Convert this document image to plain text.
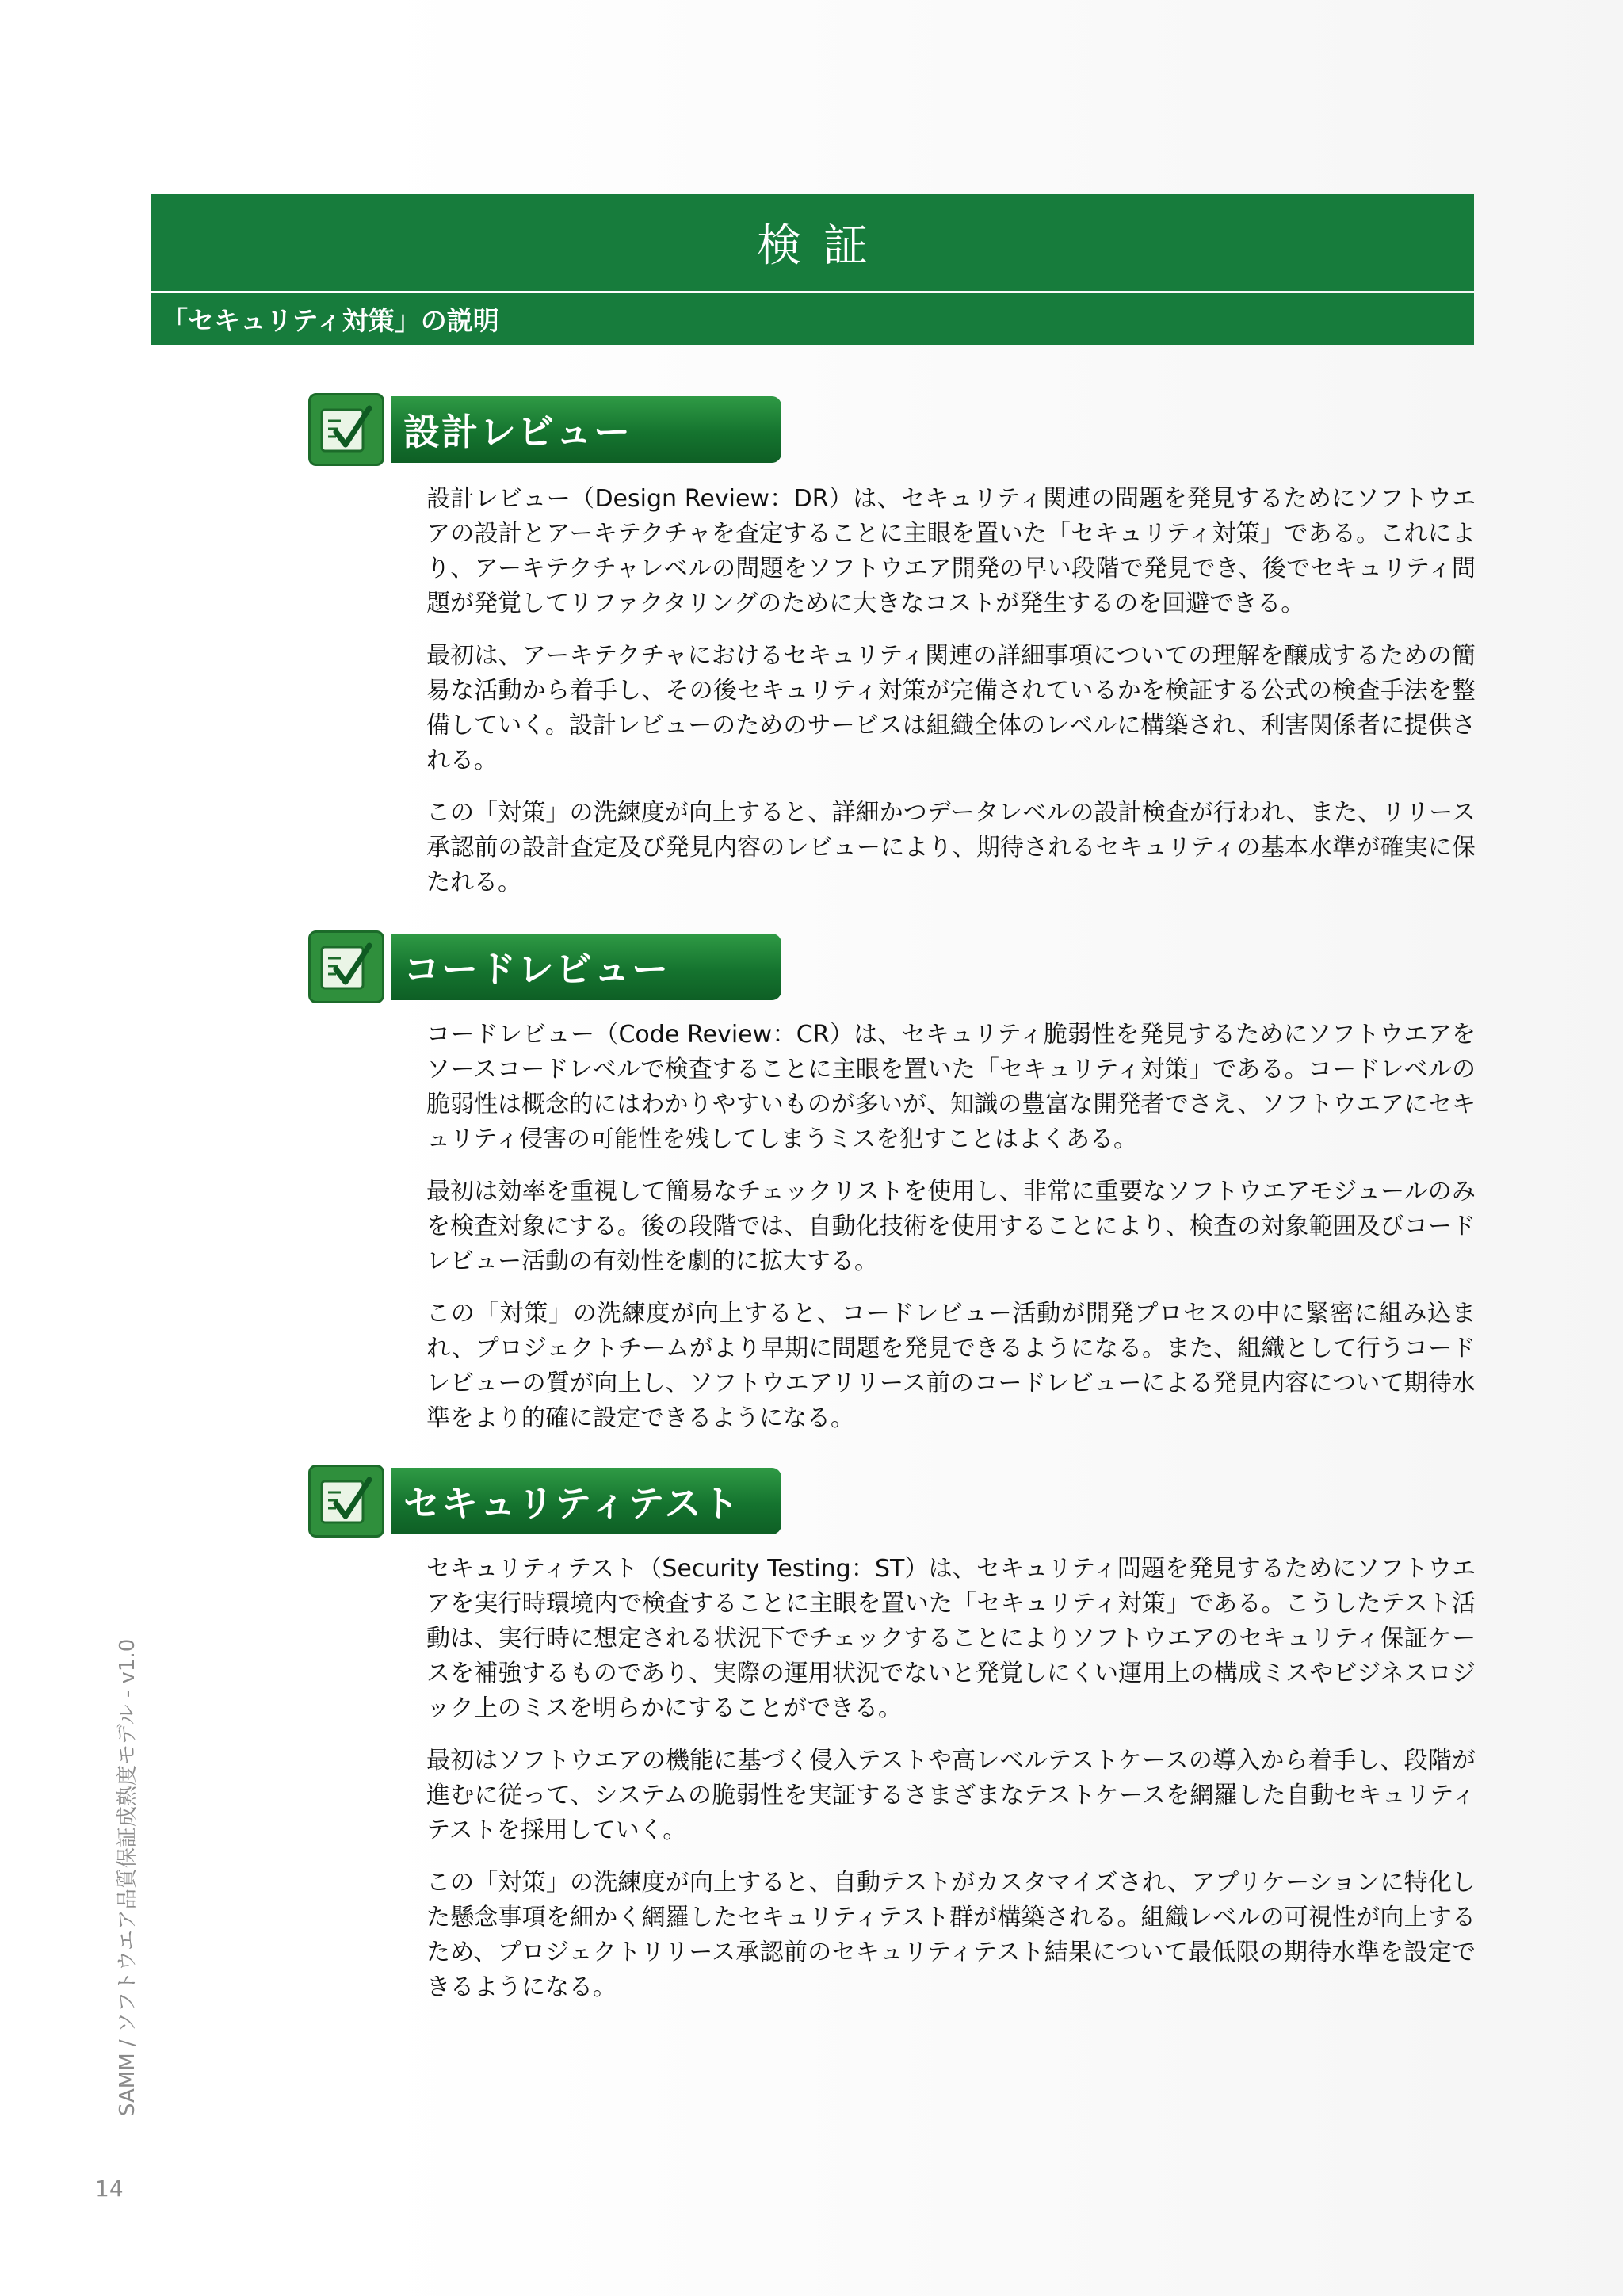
検証
「セキュリティ対策」の説明
設計レビュー

設計レビュー（Design Review：DR）は、セキュリティ関連の問題を発見するためにソフトウエアの設計とアーキテクチャを査定することに主眼を置いた「セキュリティ対策」である。これにより、アーキテクチャレベルの問題をソフトウエア開発の早い段階で発見でき、後でセキュリティ問題が発覚してリファクタリングのために大きなコストが発生するのを回避できる。

最初は、アーキテクチャにおけるセキュリティ関連の詳細事項についての理解を醸成するための簡易な活動から着手し、その後セキュリティ対策が完備されているかを検証する公式の検査手法を整備していく。設計レビューのためのサービスは組織全体のレベルに構築され、利害関係者に提供される。

この「対策」の洗練度が向上すると、詳細かつデータレベルの設計検査が行われ、また、リリース承認前の設計査定及び発見内容のレビューにより、期待されるセキュリティの基本水準が確実に保たれる。

コードレビュー

コードレビュー（Code Review：CR）は、セキュリティ脆弱性を発見するためにソフトウエアをソースコードレベルで検査することに主眼を置いた「セキュリティ対策」である。コードレベルの脆弱性は概念的にはわかりやすいものが多いが、知識の豊富な開発者でさえ、ソフトウエアにセキュリティ侵害の可能性を残してしまうミスを犯すことはよくある。

最初は効率を重視して簡易なチェックリストを使用し、非常に重要なソフトウエアモジュールのみを検査対象にする。後の段階では、自動化技術を使用することにより、検査の対象範囲及びコードレビュー活動の有効性を劇的に拡大する。

この「対策」の洗練度が向上すると、コードレビュー活動が開発プロセスの中に緊密に組み込まれ、プロジェクトチームがより早期に問題を発見できるようになる。また、組織として行うコードレビューの質が向上し、ソフトウエアリリース前のコードレビューによる発見内容について期待水準をより的確に設定できるようになる。

セキュリティテスト

セキュリティテスト（Security Testing：ST）は、セキュリティ問題を発見するためにソフトウエアを実行時環境内で検査することに主眼を置いた「セキュリティ対策」である。こうしたテスト活動は、実行時に想定される状況下でチェックすることによりソフトウエアのセキュリティ保証ケースを補強するものであり、実際の運用状況でないと発覚しにくい運用上の構成ミスやビジネスロジック上のミスを明らかにすることができる。

最初はソフトウエアの機能に基づく侵入テストや高レベルテストケースの導入から着手し、段階が進むに従って、システムの脆弱性を実証するさまざまなテストケースを網羅した自動セキュリティテストを採用していく。

この「対策」の洗練度が向上すると、自動テストがカスタマイズされ、アプリケーションに特化した懸念事項を細かく網羅したセキュリティテスト群が構築される。組織レベルの可視性が向上するため、プロジェクトリリース承認前のセキュリティテスト結果について最低限の期待水準を設定できるようになる。

SAMM / ソフトウエア品質保証成熟度モデル - v1.0
14
